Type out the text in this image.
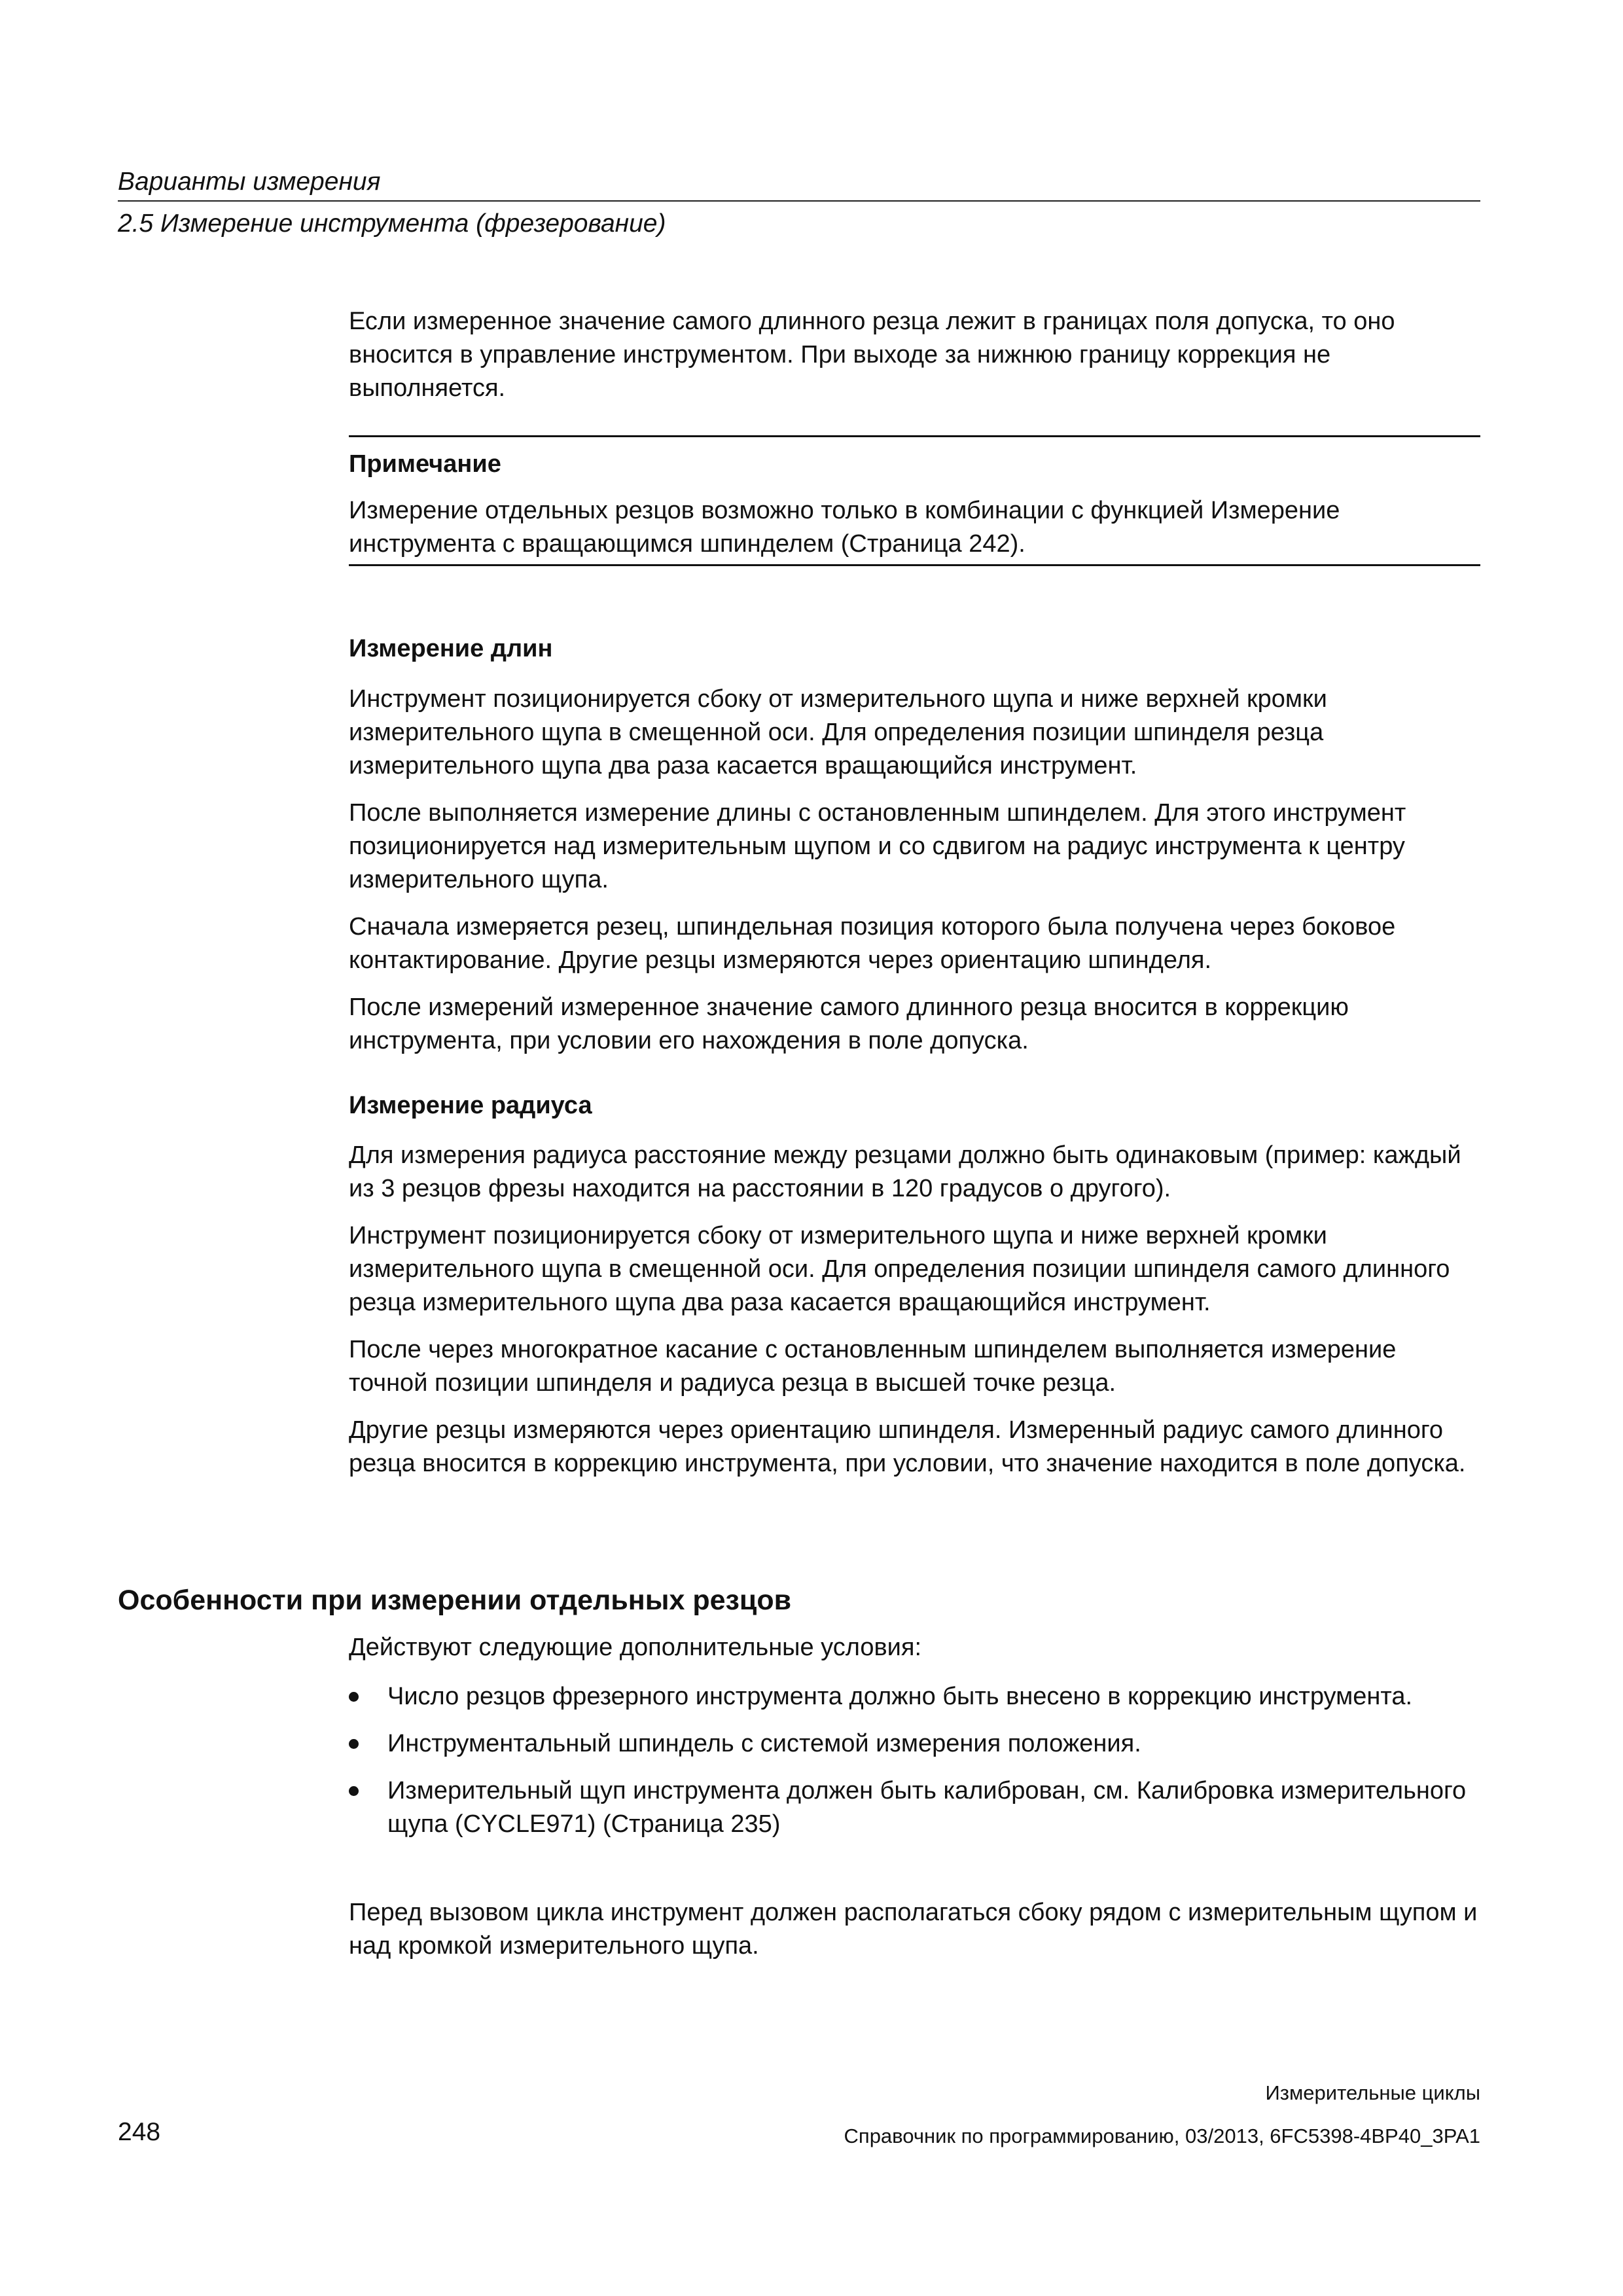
Варианты измерения
2.5 Измерение инструмента (фрезерование)

Если измеренное значение самого длинного резца лежит в границах поля допуска, то оно вносится в управление инструментом. При выходе за нижнюю границу коррекция не выполняется.

Примечание

Измерение отдельных резцов возможно только в комбинации с функцией Измерение инструмента с вращающимся шпинделем (Страница 242).

Измерение длин

Инструмент позиционируется сбоку от измерительного щупа и ниже верхней кромки измерительного щупа в смещенной оси. Для определения позиции шпинделя резца измерительного щупа два раза касается вращающийся инструмент.

После выполняется измерение длины с остановленным шпинделем. Для этого инструмент позиционируется над измерительным щупом и со сдвигом на радиус инструмента к центру измерительного щупа.

Сначала измеряется резец, шпиндельная позиция которого была получена через боковое контактирование. Другие резцы измеряются через ориентацию шпинделя.

После измерений измеренное значение самого длинного резца вносится в коррекцию инструмента, при условии его нахождения в поле допуска.

Измерение радиуса

Для измерения радиуса расстояние между резцами должно быть одинаковым (пример: каждый из 3 резцов фрезы находится на расстоянии в 120 градусов о другого).

Инструмент позиционируется сбоку от измерительного щупа и ниже верхней кромки измерительного щупа в смещенной оси. Для определения позиции шпинделя самого длинного резца измерительного щупа два раза касается вращающийся инструмент.

После через многократное касание с остановленным шпинделем выполняется измерение точной позиции шпинделя и радиуса резца в высшей точке резца.

Другие резцы измеряются через ориентацию шпинделя. Измеренный радиус самого длинного резца вносится в коррекцию инструмента, при условии, что значение находится в поле допуска.

Особенности при измерении отдельных резцов

Действуют следующие дополнительные условия:

Число резцов фрезерного инструмента должно быть внесено в коррекцию инструмента.
Инструментальный шпиндель с системой измерения положения.
Измерительный щуп инструмента должен быть калиброван, см. Калибровка измерительного щупа (CYCLE971) (Страница 235)

Перед вызовом цикла инструмент должен располагаться сбоку рядом с измерительным щупом и над кромкой измерительного щупа.

Измерительные циклы
248	Справочник по программированию, 03/2013, 6FC5398-4BP40_3PA1
